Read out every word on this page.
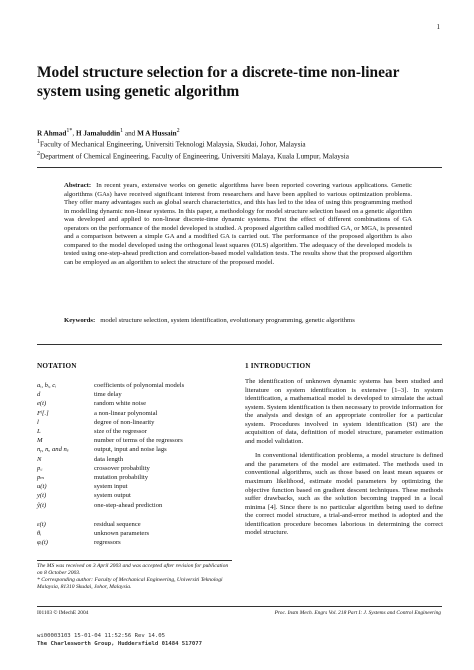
1
Model structure selection for a discrete-time non-linear system using genetic algorithm
R Ahmad$^{1*}$, H Jamaluddin$^1$ and M A Hussain$^2$
$^1$Faculty of Mechanical Engineering, Universiti Teknologi Malaysia, Skudai, Johor, Malaysia
$^2$Department of Chemical Engineering, Faculty of Engineering, Universiti Malaya, Kuala Lumpur, Malaysia
Abstract: In recent years, extensive works on genetic algorithms have been reported covering various applications. Genetic algorithms (GAs) have received significant interest from researchers and have been applied to various optimization problems. They offer many advantages such as global search characteristics, and this has led to the idea of using this programming method in modelling dynamic non-linear systems. In this paper, a methodology for model structure selection based on a genetic algorithm was developed and applied to non-linear discrete-time dynamic systems. First the effect of different combinations of GA operators on the performance of the model developed is studied. A proposed algorithm called modified GA, or MGA, is presented and a comparison between a simple GA and a modified GA is carried out. The performance of the proposed algorithm is also compared to the model developed using the orthogonal least squares (OLS) algorithm. The adequacy of the developed models is tested using one-step-ahead prediction and correlation-based model validation tests. The results show that the proposed algorithm can be employed as an algorithm to select the structure of the proposed model.
Keywords: model structure selection, system identification, evolutionary programming, genetic algorithms
NOTATION
aᵢ, bᵢ, cᵢ	coefficients of polynomial models
d	time delay
e(t)	random white noise
Fˡ[.]	a non-linear polynomial
l	degree of non-linearity
L	size of the regressor
M	number of terms of the regressors
nᵧ, nᵤ and nₑ	output, input and noise lags
N	data length
p꜀	crossover probability
pₘ	mutation probability
u(t)	system input
y(t)	system output
ŷ(t)	one-step-ahead prediction
ε(t)	residual sequence
θᵢ	unknown parameters
φᵢ(t)	regressors
The MS was received on 3 April 2003 and was accepted after revision for publication on 8 October 2003.
* Corresponding author: Faculty of Mechanical Engineering, Universiti Teknologi Malaysia, 81310 Skudai, Johor, Malaysia.
1 INTRODUCTION

The identification of unknown dynamic systems has been studied and literature on system identification is extensive [1–3]. In system identification, a mathematical model is developed to simulate the actual system. System identification is then necessary to provide information for the analysis and design of an appropriate controller for a particular system. Procedures involved in system identification (SI) are the acquisition of data, definition of model structure, parameter estimation and model validation.

In conventional identification problems, a model structure is defined and the parameters of the model are estimated. The methods used in conventional algorithms, such as those based on least mean squares or maximum likelihood, estimate model parameters by optimizing the objective function based on gradient descent techniques. These methods suffer drawbacks, such as the solution becoming trapped in a local minima [4]. Since there is no particular algorithm being used to define the correct model structure, a trial-and-error method is adopted and the identification procedure becomes laborious in determining the correct model structure.

I01103 © IMechE 2004	Proc. Instn Mech. Engrs Vol. 218 Part I: J. Systems and Control Engineering
wi00003103 15-01-04 11:52:56 Rev 14.05
The Charlesworth Group, Huddersfield 01484 517077
